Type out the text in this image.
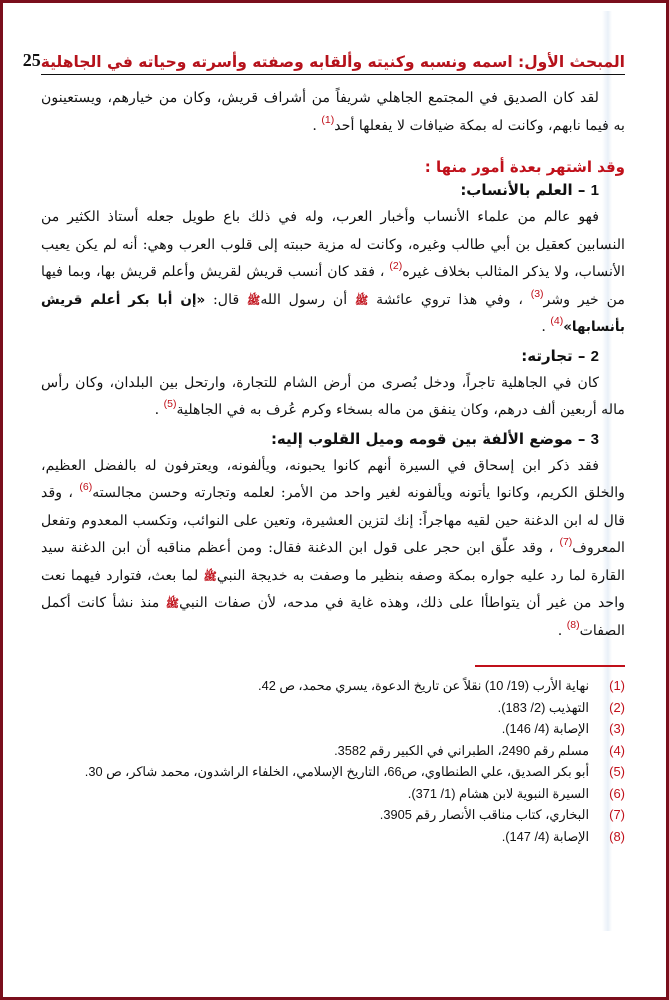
المبحث الأول: اسمه ونسبه وكنيته وألقابه وصفته وأسرته وحياته في الجاهلية
25

لقد كان الصديق في المجتمع الجاهلي شريفاً من أشراف قريش، وكان من خيارهم، ويستعينون به فيما نابهم، وكانت له بمكة ضيافات لا يفعلها أحد$^{(1)}$ .

وقد اشتهر بعدة أمور منها :
1 – العلم بالأنساب:

فهو عالم من علماء الأنساب وأخبار العرب، وله في ذلك باع طويل جعله أستاذ الكثير من النسابين كعقيل بن أبي طالب وغيره، وكانت له مزية حببته إلى قلوب العرب وهي: أنه لم يكن يعيب الأنساب، ولا يذكر المثالب بخلاف غيره$^{(2)}$ ، فقد كان أنسب قريش لقريش وأعلم قريش بها، وبما فيها من خير وشر$^{(3)}$ ، وفي هذا تروي عائشة ﷺ أن رسول اللهﷺ قال: «إن أبا بكر أعلم قريش بأنسابها»$^{(4)}$ .

2 – تجارته:

كان في الجاهلية تاجراً، ودخل بُصرى من أرض الشام للتجارة، وارتحل بين البلدان، وكان رأس ماله أربعين ألف درهم، وكان ينفق من ماله بسخاء وكرم عُرف به في الجاهلية$^{(5)}$ .

3 – موضع الألفة بين قومه وميل القلوب إليه:

فقد ذكر ابن إسحاق في السيرة أنهم كانوا يحبونه، ويألفونه، ويعترفون له بالفضل العظيم، والخلق الكريم، وكانوا يأتونه ويألفونه لغير واحد من الأمر: لعلمه وتجارته وحسن مجالسته$^{(6)}$ ، وقد قال له ابن الدغنة حين لقيه مهاجراً: إنك لتزين العشيرة، وتعين على النوائب، وتكسب المعدوم وتفعل المعروف$^{(7)}$ ، وقد علّق ابن حجر على قول ابن الدغنة فقال: ومن أعظم مناقبه أن ابن الدغنة سيد القارة لما رد عليه جواره بمكة وصفه بنظير ما وصفت به خديجة النبيﷺ لما بعث، فتوارد فيهما نعت واحد من غير أن يتواطأا على ذلك، وهذه غاية في مدحه، لأن صفات النبيﷺ منذ نشأ كانت أكمل الصفات$^{(8)}$ .

(1)
نهاية الأرب (19/ 10) نقلاً عن تاريخ الدعوة، يسري محمد، ص 42.
(2)
التهذيب (2/ 183).
(3)
الإصابة (4/ 146).
(4)
مسلم رقم 2490، الطبراني في الكبير رقم 3582.
(5)
أبو بكر الصديق، علي الطنطاوي، ص66، التاريخ الإسلامي، الخلفاء الراشدون، محمد شاكر، ص 30.
(6)
السيرة النبوية لابن هشام (1/ 371).
(7)
البخاري، كتاب مناقب الأنصار رقم 3905.
(8)
الإصابة (4/ 147).
